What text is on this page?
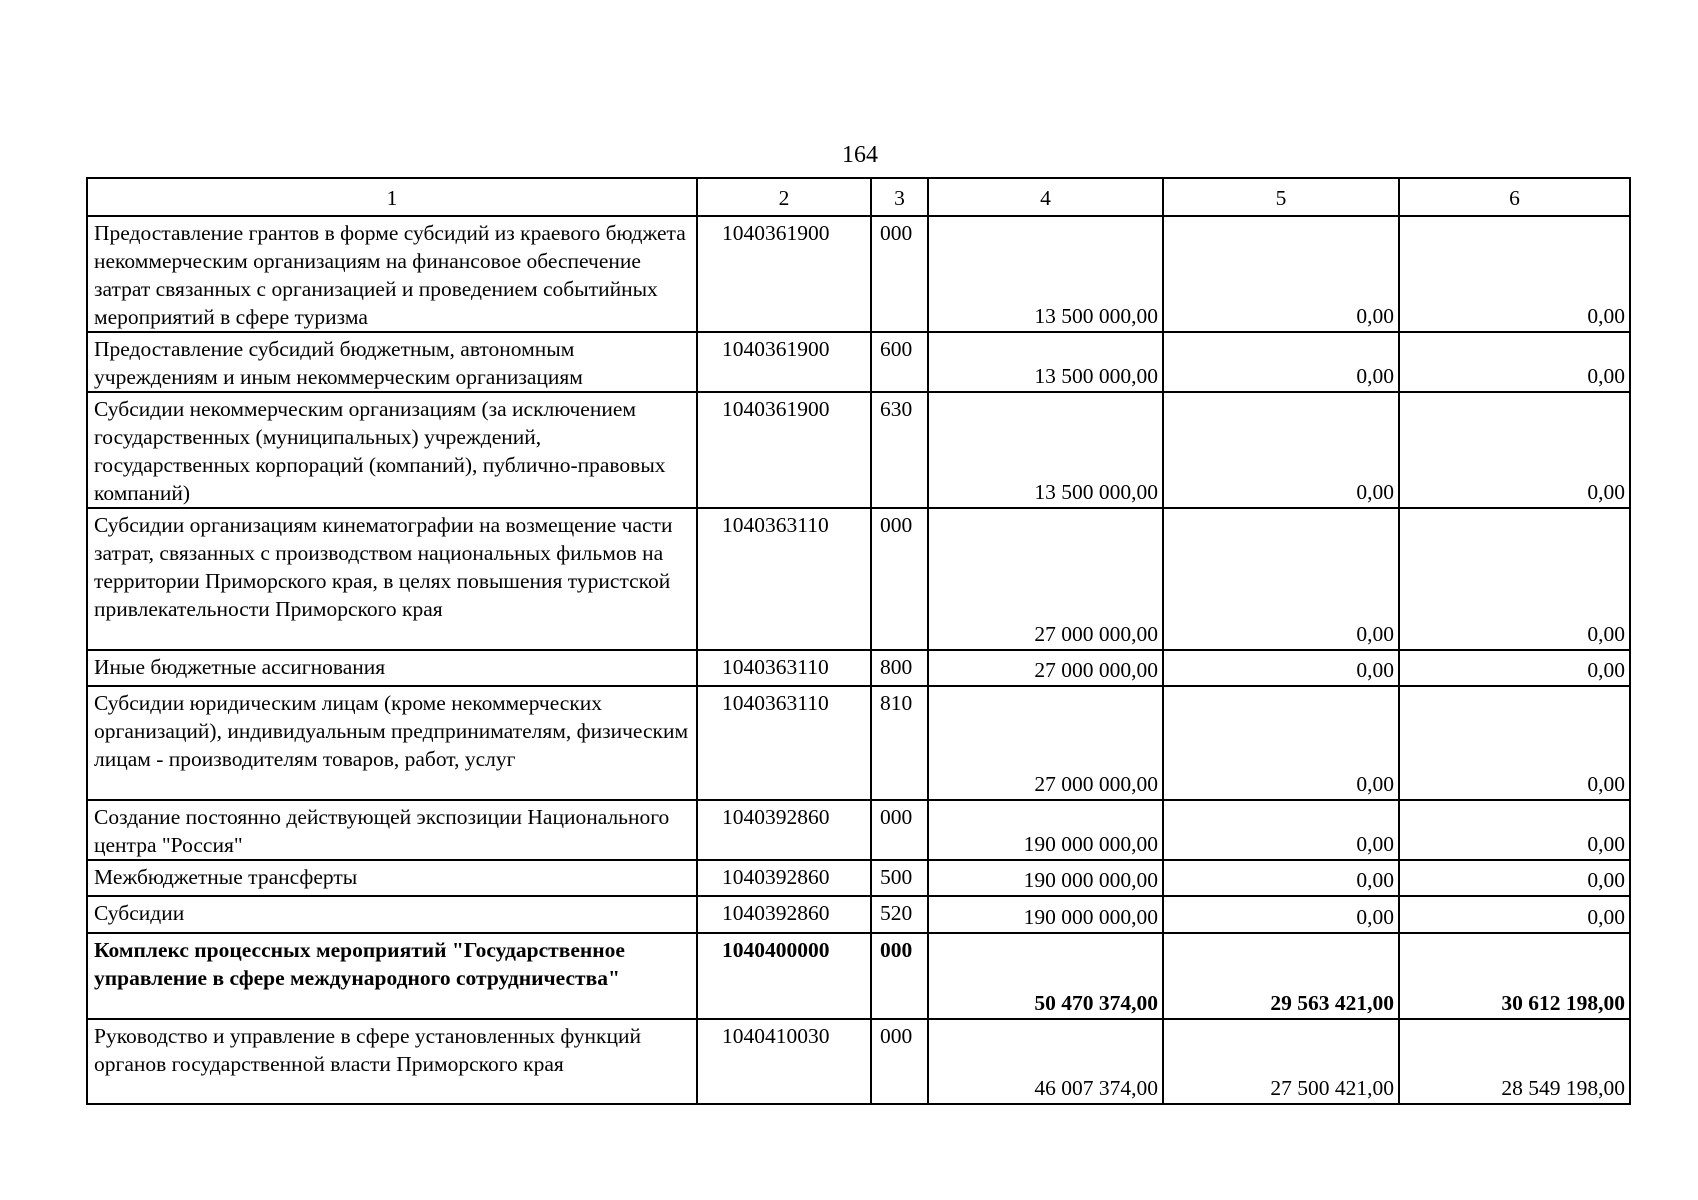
164
1	2	3	4	5	6
Предоставление грантов в форме субсидий из краевого бюджета некоммерческим организациям на финансовое обеспечение затрат связанных с организацией и проведением событийных мероприятий в сфере туризма	1040361900	000	13 500 000,00	0,00	0,00
Предоставление субсидий бюджетным, автономным учреждениям и иным некоммерческим организациям	1040361900	600	13 500 000,00	0,00	0,00
Субсидии некоммерческим организациям (за исключением государственных (муниципальных) учреждений, государственных корпораций (компаний), публично-правовых компаний)	1040361900	630	13 500 000,00	0,00	0,00
Субсидии организациям кинематографии на возмещение части затрат, связанных с производством национальных фильмов на территории Приморского края, в целях повышения туристской привлекательности Приморского края	1040363110	000	27 000 000,00	0,00	0,00
Иные бюджетные ассигнования	1040363110	800	27 000 000,00	0,00	0,00
Субсидии юридическим лицам (кроме некоммерческих организаций), индивидуальным предпринимателям, физическим лицам - производителям товаров, работ, услуг	1040363110	810	27 000 000,00	0,00	0,00
Создание постоянно действующей экспозиции Национального центра "Россия"	1040392860	000	190 000 000,00	0,00	0,00
Межбюджетные трансферты	1040392860	500	190 000 000,00	0,00	0,00
Субсидии	1040392860	520	190 000 000,00	0,00	0,00
Комплекс процессных мероприятий "Государственное управление в сфере международного сотрудничества"	1040400000	000	50 470 374,00	29 563 421,00	30 612 198,00
Руководство и управление в сфере установленных функций органов государственной власти Приморского края	1040410030	000	46 007 374,00	27 500 421,00	28 549 198,00
